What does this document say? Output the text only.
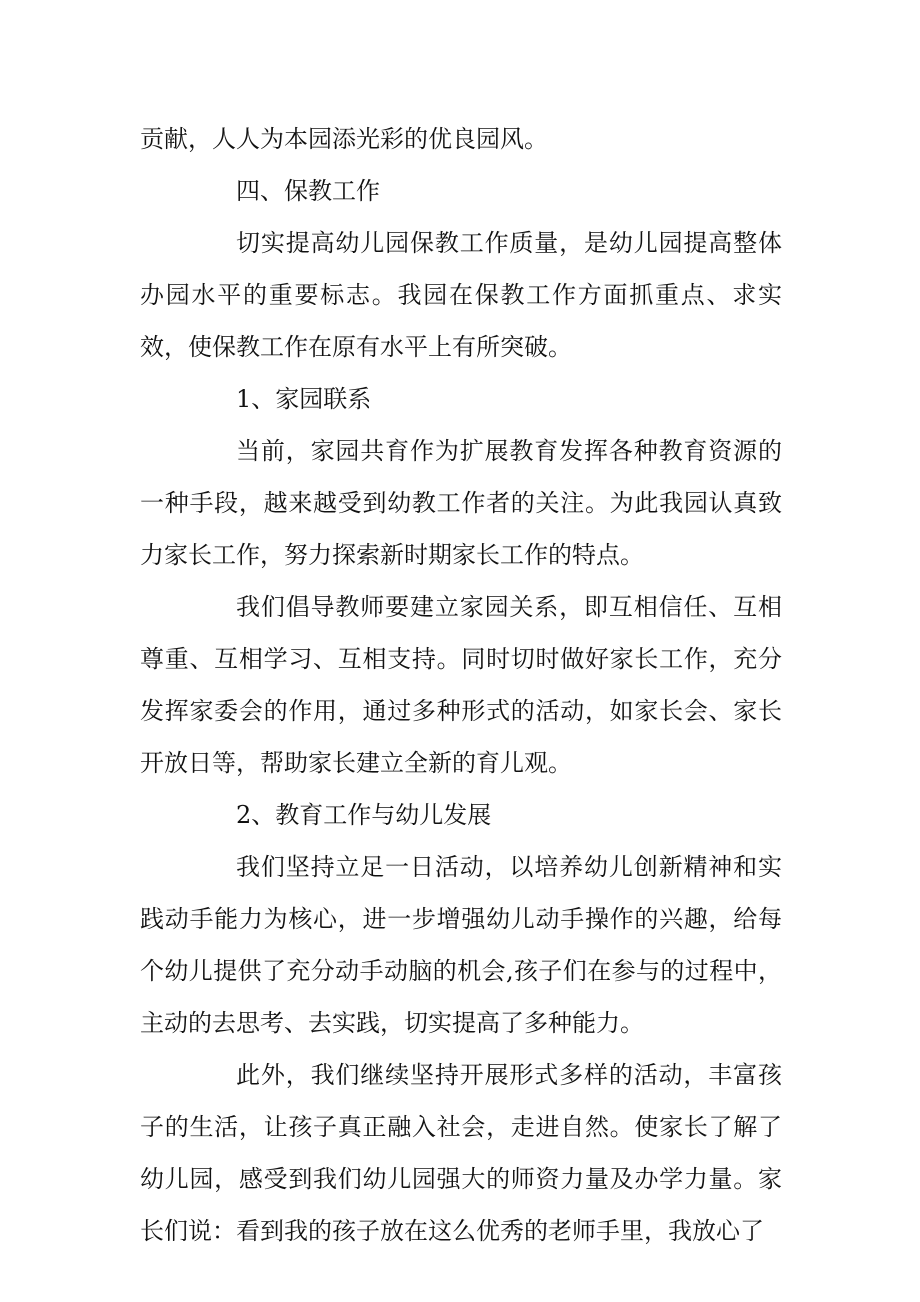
贡献，人人为本园添光彩的优良园风。

四、保教工作

切实提高幼儿园保教工作质量，是幼儿园提高整体办园水平的重要标志。我园在保教工作方面抓重点、求实效，使保教工作在原有水平上有所突破。

1、家园联系

当前，家园共育作为扩展教育发挥各种教育资源的一种手段，越来越受到幼教工作者的关注。为此我园认真致力家长工作，努力探索新时期家长工作的特点。

我们倡导教师要建立家园关系，即互相信任、互相尊重、互相学习、互相支持。同时切时做好家长工作，充分发挥家委会的作用，通过多种形式的活动，如家长会、家长开放日等，帮助家长建立全新的育儿观。

2、教育工作与幼儿发展

我们坚持立足一日活动，以培养幼儿创新精神和实践动手能力为核心，进一步增强幼儿动手操作的兴趣，给每个幼儿提供了充分动手动脑的机会,孩子们在参与的过程中，主动的去思考、去实践，切实提高了多种能力。

此外，我们继续坚持开展形式多样的活动，丰富孩子的生活，让孩子真正融入社会，走进自然。使家长了解了幼儿园，感受到我们幼儿园强大的师资力量及办学力量。家长们说：看到我的孩子放在这么优秀的老师手里，我放心了
